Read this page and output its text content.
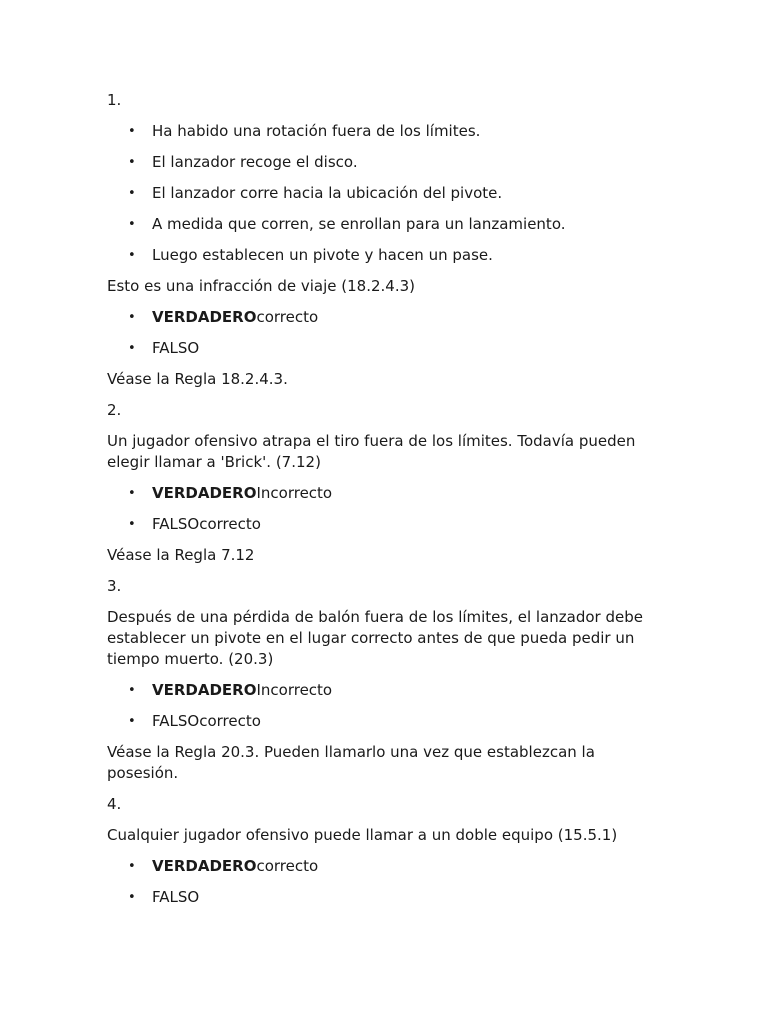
1.
• Ha habido una rotación fuera de los límites.
• El lanzador recoge el disco.
• El lanzador corre hacia la ubicación del pivote.
• A medida que corren, se enrollan para un lanzamiento.
• Luego establecen un pivote y hacen un pase.
Esto es una infracción de viaje (18.2.4.3)
• VERDADEROcorrecto
• FALSO
Véase la Regla 18.2.4.3.
2.
Un jugador ofensivo atrapa el tiro fuera de los límites. Todavía pueden elegir llamar a 'Brick'. (7.12)
• VERDADEROIncorrecto
• FALSOcorrecto
Véase la Regla 7.12
3.
Después de una pérdida de balón fuera de los límites, el lanzador debe establecer un pivote en el lugar correcto antes de que pueda pedir un tiempo muerto. (20.3)
• VERDADEROIncorrecto
• FALSOcorrecto
Véase la Regla 20.3. Pueden llamarlo una vez que establezcan la posesión.
4.
Cualquier jugador ofensivo puede llamar a un doble equipo (15.5.1)
• VERDADEROcorrecto
• FALSO
